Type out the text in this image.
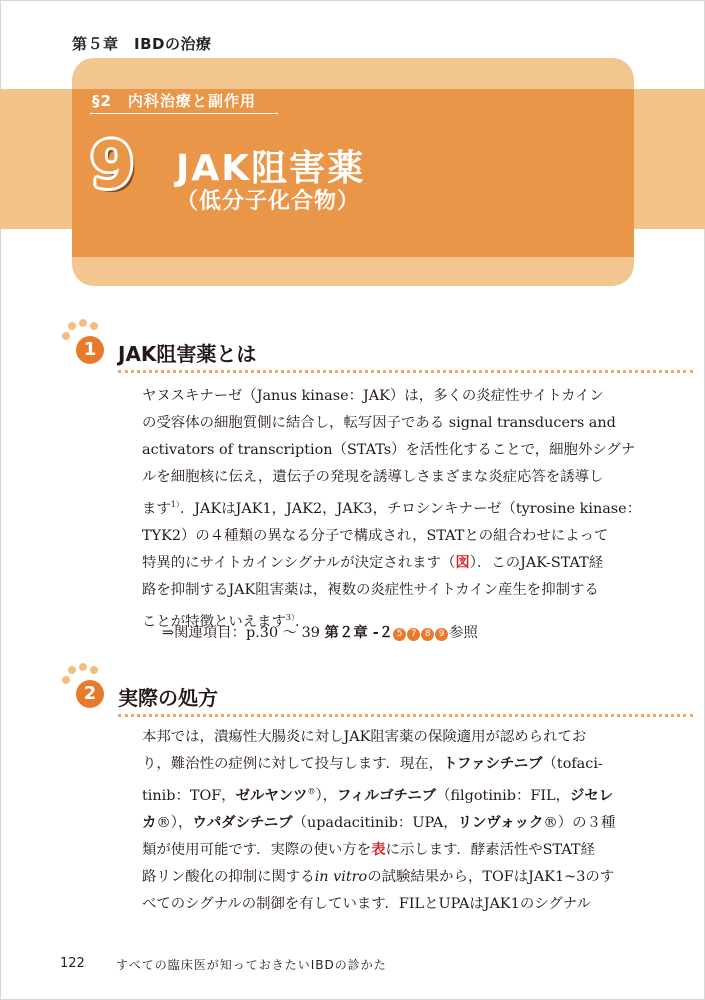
第５章　IBDの治療
§2　内科治療と副作用
9 JAK阻害薬
（低分子化合物）
1	JAK阻害薬とは

ヤヌスキナーゼ（Janus kinase：JAK）は，多くの炎症性サイトカイン

の受容体の細胞質側に結合し，転写因子である signal transducers and

activators of transcription（STATs）を活性化することで，細胞外シグナ

ルを細胞核に伝え，遺伝子の発現を誘導しさまざまな炎症応答を誘導し

ます$^{1)}$．JAKはJAK1，JAK2，JAK3，チロシンキナーゼ（tyrosine kinase：

TYK2）の４種類の異なる分子で構成され，STATとの組合わせによって

特異的にサイトカインシグナルが決定されます（図）．このJAK-STAT経

路を抑制するJAK阻害薬は，複数の炎症性サイトカイン産生を抑制する

ことが特徴といえます$^{3)}$．

⇒関連項目：p.30 〜 39 第２章 -２ 5 7 8 9 参照
2	実際の処方

本邦では，潰瘍性大腸炎に対しJAK阻害薬の保険適用が認められてお

り，難治性の症例に対して投与します．現在，トファシチニブ（tofaci-

tinib：TOF，ゼルヤンツ®），フィルゴチニブ（filgotinib：FIL，ジセレ

カ®），ウパダシチニブ（upadacitinib：UPA，リンヴォック®）の３種

類が使用可能です．実際の使い方を表に示します．酵素活性やSTAT経

路リン酸化の抑制に関するin vitroの試験結果から，TOFはJAK1~3のす

べてのシグナルの制御を有しています．FILとUPAはJAK1のシグナル

122	すべての臨床医が知っておきたいIBDの診かた
